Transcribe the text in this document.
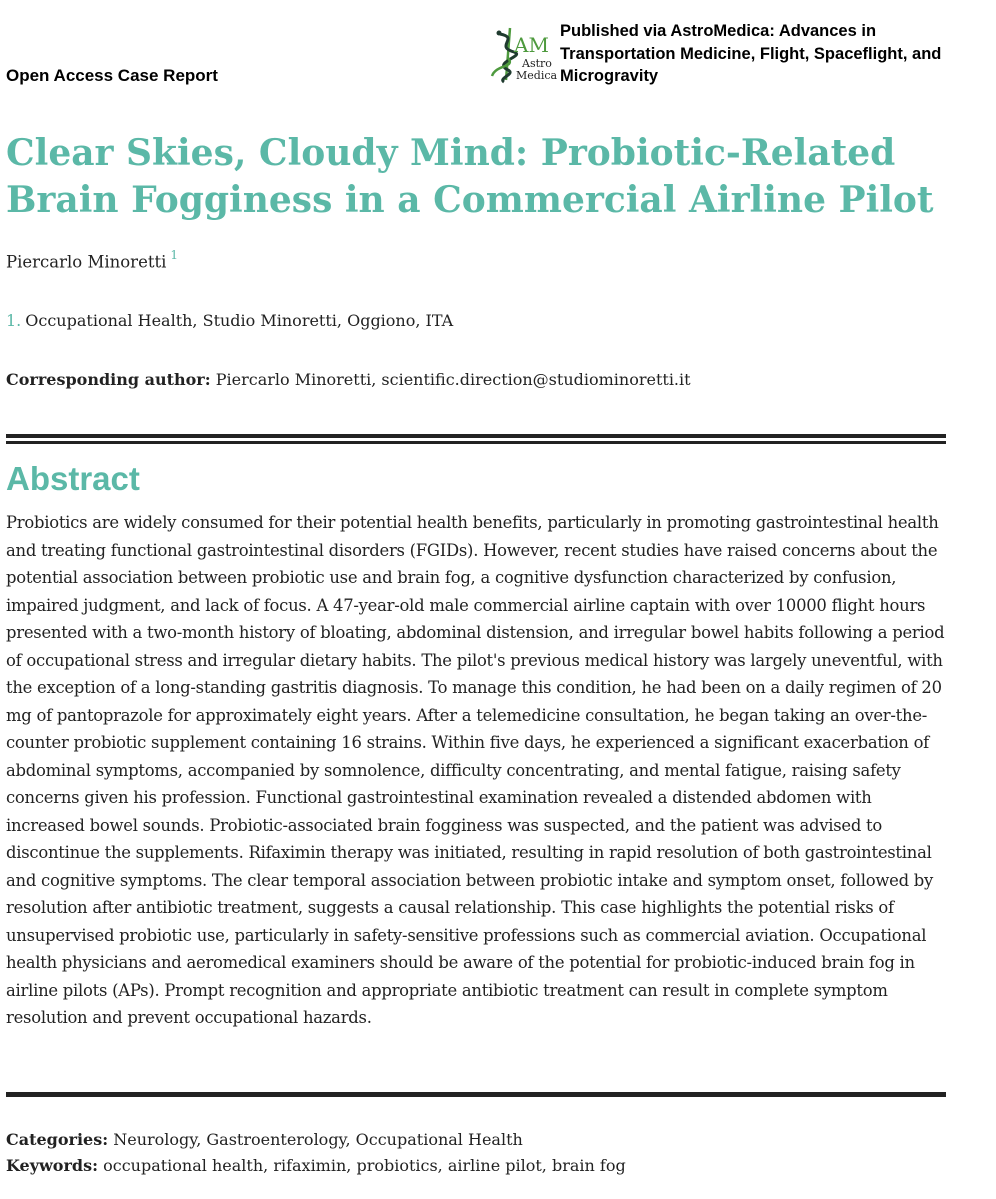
Open Access Case Report
AM
Astro
Medica
Published via AstroMedica: Advances in Transportation Medicine, Flight, Spaceflight, and Microgravity
Clear Skies, Cloudy Mind: Probiotic-Related Brain Fogginess in a Commercial Airline Pilot
Piercarlo Minoretti $^1$
1. Occupational Health, Studio Minoretti, Oggiono, ITA
Corresponding author: Piercarlo Minoretti, scientific.direction@studiominoretti.it
Abstract

Probiotics are widely consumed for their potential health benefits, particularly in promoting gastrointestinal health and treating functional gastrointestinal disorders (FGIDs). However, recent studies have raised concerns about the potential association between probiotic use and brain fog, a cognitive dysfunction characterized by confusion, impaired judgment, and lack of focus. A 47-year-old male commercial airline captain with over 10000 flight hours presented with a two-month history of bloating, abdominal distension, and irregular bowel habits following a period of occupational stress and irregular dietary habits. The pilot's previous medical history was largely uneventful, with the exception of a long-standing gastritis diagnosis. To manage this condition, he had been on a daily regimen of 20 mg of pantoprazole for approximately eight years. After a telemedicine consultation, he began taking an over-the-counter probiotic supplement containing 16 strains. Within five days, he experienced a significant exacerbation of abdominal symptoms, accompanied by somnolence, difficulty concentrating, and mental fatigue, raising safety concerns given his profession. Functional gastrointestinal examination revealed a distended abdomen with increased bowel sounds. Probiotic-associated brain fogginess was suspected, and the patient was advised to discontinue the supplements. Rifaximin therapy was initiated, resulting in rapid resolution of both gastrointestinal and cognitive symptoms. The clear temporal association between probiotic intake and symptom onset, followed by resolution after antibiotic treatment, suggests a causal relationship. This case highlights the potential risks of unsupervised probiotic use, particularly in safety-sensitive professions such as commercial aviation. Occupational health physicians and aeromedical examiners should be aware of the potential for probiotic-induced brain fog in airline pilots (APs). Prompt recognition and appropriate antibiotic treatment can result in complete symptom resolution and prevent occupational hazards.

Categories: Neurology, Gastroenterology, Occupational Health
Keywords: occupational health, rifaximin, probiotics, airline pilot, brain fog
